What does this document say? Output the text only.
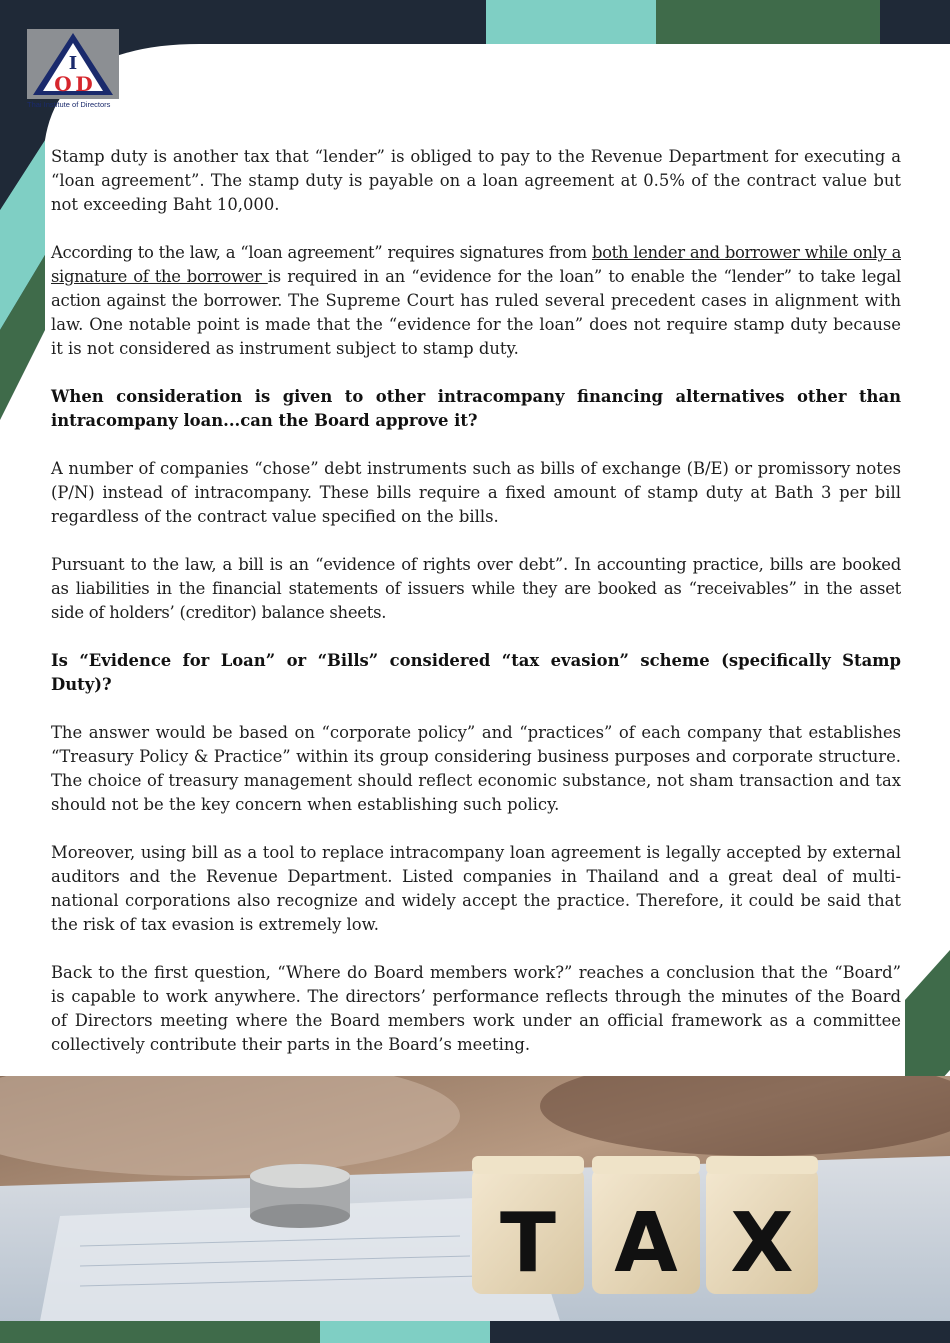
I
O D
Thai Institute of Directors

Stamp duty is another tax that “lender” is obliged to pay to the Revenue Department for executing a “loan agreement”. The stamp duty is payable on a loan agreement at 0.5% of the contract value but not exceeding Baht 10,000.

According to the law, a “loan agreement” requires signatures from both lender and borrower while only a signature of the borrower is required in an “evidence for the loan” to enable the “lender” to take legal action against the borrower. The Supreme Court has ruled several precedent cases in alignment with law. One notable point is made that the “evidence for the loan” does not require stamp duty because it is not considered as instrument subject to stamp duty.

When consideration is given to other intracompany financing alternatives other than intracompany loan...can the Board approve it?

A number of companies “chose” debt instruments such as bills of exchange (B/E) or promissory notes (P/N) instead of intracompany. These bills require a fixed amount of stamp duty at Bath 3 per bill regardless of the contract value specified on the bills.

Pursuant to the law, a bill is an “evidence of rights over debt”. In accounting practice, bills are booked as liabilities in the financial statements of issuers while they are booked as “receivables” in the asset side of holders’ (creditor) balance sheets.

Is “Evidence for Loan” or “Bills” considered “tax evasion” scheme (specifically Stamp Duty)?

The answer would be based on “corporate policy” and “practices” of each company that establishes “Treasury Policy & Practice” within its group considering business purposes and corporate structure. The choice of treasury management should reflect economic substance, not sham transaction and tax should not be the key concern when establishing such policy.

Moreover, using bill as a tool to replace intracompany loan agreement is legally accepted by external auditors and the Revenue Department. Listed companies in Thailand and a great deal of multi-national corporations also recognize and widely accept the practice. Therefore, it could be said that the risk of tax evasion is extremely low.

Back to the first question, “Where do Board members work?” reaches a conclusion that the “Board” is capable to work anywhere. The directors’ performance reflects through the minutes of the Board of Directors meeting where the Board members work under an official framework as a committee collectively contribute their parts in the Board’s meeting.

T A X
